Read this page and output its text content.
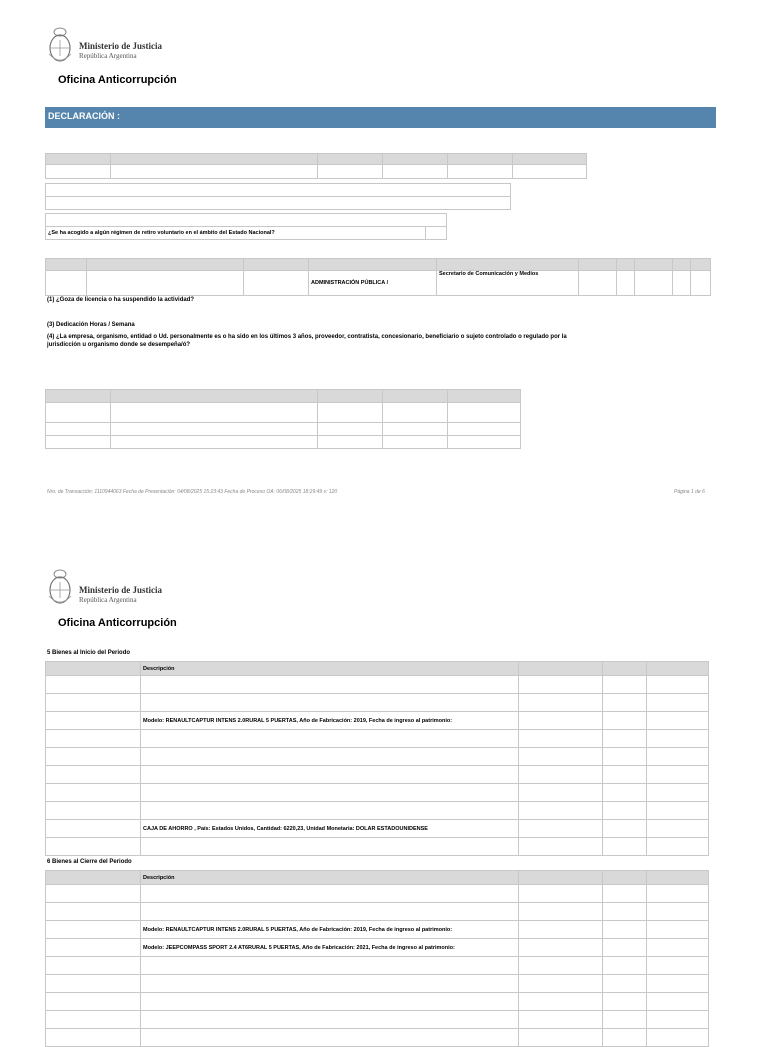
Ministerio de Justicia
República Argentina
Oficina Anticorrupción
DECLARACIÓN :

¿Se ha acogido a algún régimen de retiro voluntario en el ámbito del Estado Nacional?	

			ADMINISTRACIÓN PÚBLICA /	Secretario de Comunicación y Medios					
(1) ¿Goza de licencia o ha suspendido la actividad?
(3) Dedicación Horas / Semana
(4) ¿La empresa, organismo, entidad o Ud. personalmente es o ha sido en los últimos 3 años, proveedor, contratista, concesionario, beneficiario o sujeto controlado o regulado por la
jurisdicción u organismo donde se desempeña/ó?

Nro. de Transacción: 1110944063 Fecha de Presentación: 04/08/2025 15:23:43 Fecha de Proceso OA: 06/08/2025 18:29:49 v: 120	Página 1 de 6
Ministerio de Justicia
República Argentina
Oficina Anticorrupción
5 Bienes al Inicio del Periodo
	Descripción			

	Modelo: RENAULTCAPTUR INTENS 2.0RURAL 5 PUERTAS, Año de Fabricación: 2019, Fecha de ingreso al patrimonio:			

	CAJA DE AHORRO , País: Estados Unidos, Cantidad: 6220,23, Unidad Monetaria: DOLAR ESTADOUNIDENSE			

6 Bienes al Cierre del Periodo
	Descripción			

	Modelo: RENAULTCAPTUR INTENS 2.0RURAL 5 PUERTAS, Año de Fabricación: 2019, Fecha de ingreso al patrimonio:			
	Modelo: JEEPCOMPASS SPORT 2.4 AT6RURAL 5 PUERTAS, Año de Fabricación: 2021, Fecha de ingreso al patrimonio:			
